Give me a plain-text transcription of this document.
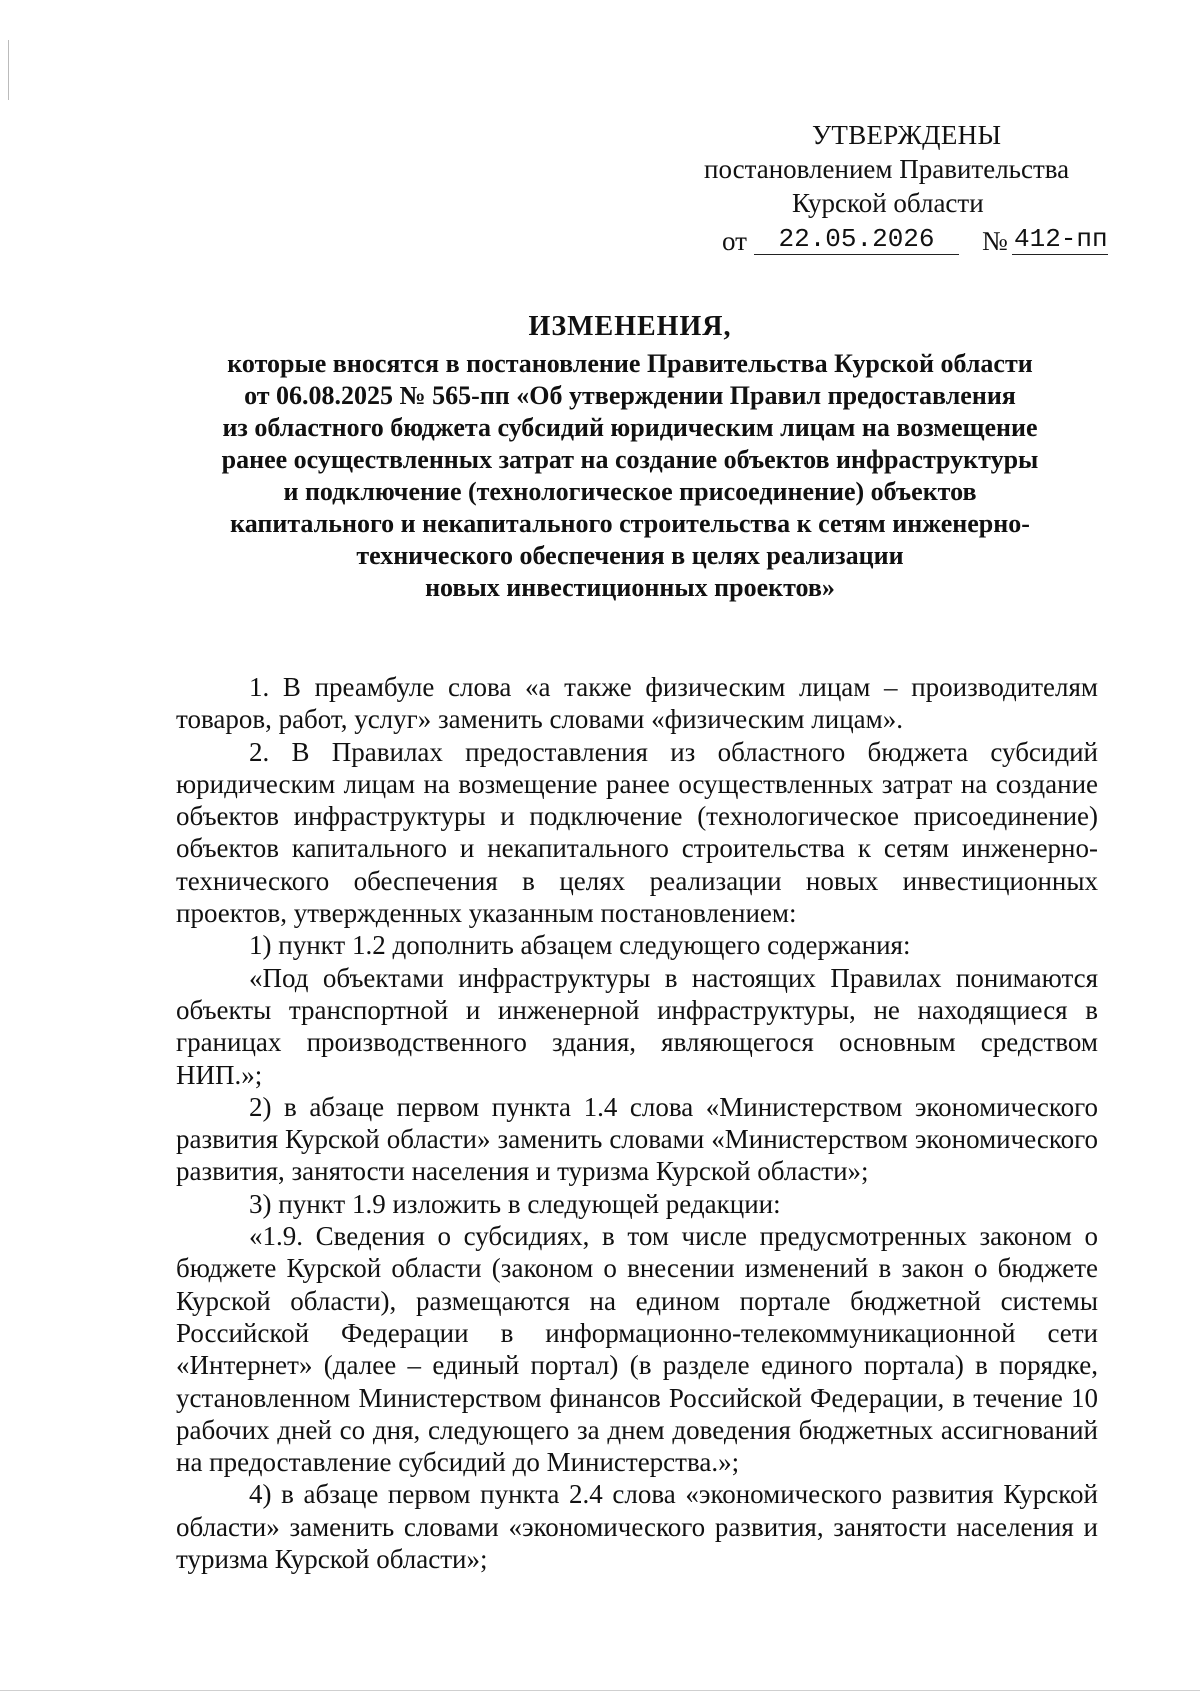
УТВЕРЖДЕНЫ
постановлением Правительства
Курской области
от	22.05.2026	№ 412-пп
ИЗМЕНЕНИЯ,
которые вносятся в постановление Правительства Курской области
от 06.08.2025 № 565-пп «Об утверждении Правил предоставления
из областного бюджета субсидий юридическим лицам на возмещение
ранее осуществленных затрат на создание объектов инфраструктуры
и подключение (технологическое присоединение) объектов
капитального и некапитального строительства к сетям инженерно-
технического обеспечения в целях реализации
новых инвестиционных проектов»

1. В преамбуле слова «а также физическим лицам – производителям товаров, работ, услуг» заменить словами «физическим лицам».

2. В Правилах предоставления из областного бюджета субсидий юридическим лицам на возмещение ранее осуществленных затрат на создание объектов инфраструктуры и подключение (технологическое присоединение) объектов капитального и некапитального строительства к сетям инженерно-технического обеспечения в целях реализации новых инвестиционных проектов, утвержденных указанным постановлением:

1) пункт 1.2 дополнить абзацем следующего содержания:

«Под объектами инфраструктуры в настоящих Правилах понимаются объекты транспортной и инженерной инфраструктуры, не находящиеся в границах производственного здания, являющегося основным средством НИП.»;

2) в абзаце первом пункта 1.4 слова «Министерством экономического развития Курской области» заменить словами «Министерством экономического развития, занятости населения и туризма Курской области»;

3) пункт 1.9 изложить в следующей редакции:

«1.9. Сведения о субсидиях, в том числе предусмотренных законом о бюджете Курской области (законом о внесении изменений в закон о бюджете Курской области), размещаются на едином портале бюджетной системы Российской Федерации в информационно-телекоммуникационной сети «Интернет» (далее – единый портал) (в разделе единого портала) в порядке, установленном Министерством финансов Российской Федерации, в течение 10 рабочих дней со дня, следующего за днем доведения бюджетных ассигнований на предоставление субсидий до Министерства.»;

4) в абзаце первом пункта 2.4 слова «экономического развития Курской области» заменить словами «экономического развития, занятости населения и туризма Курской области»;
